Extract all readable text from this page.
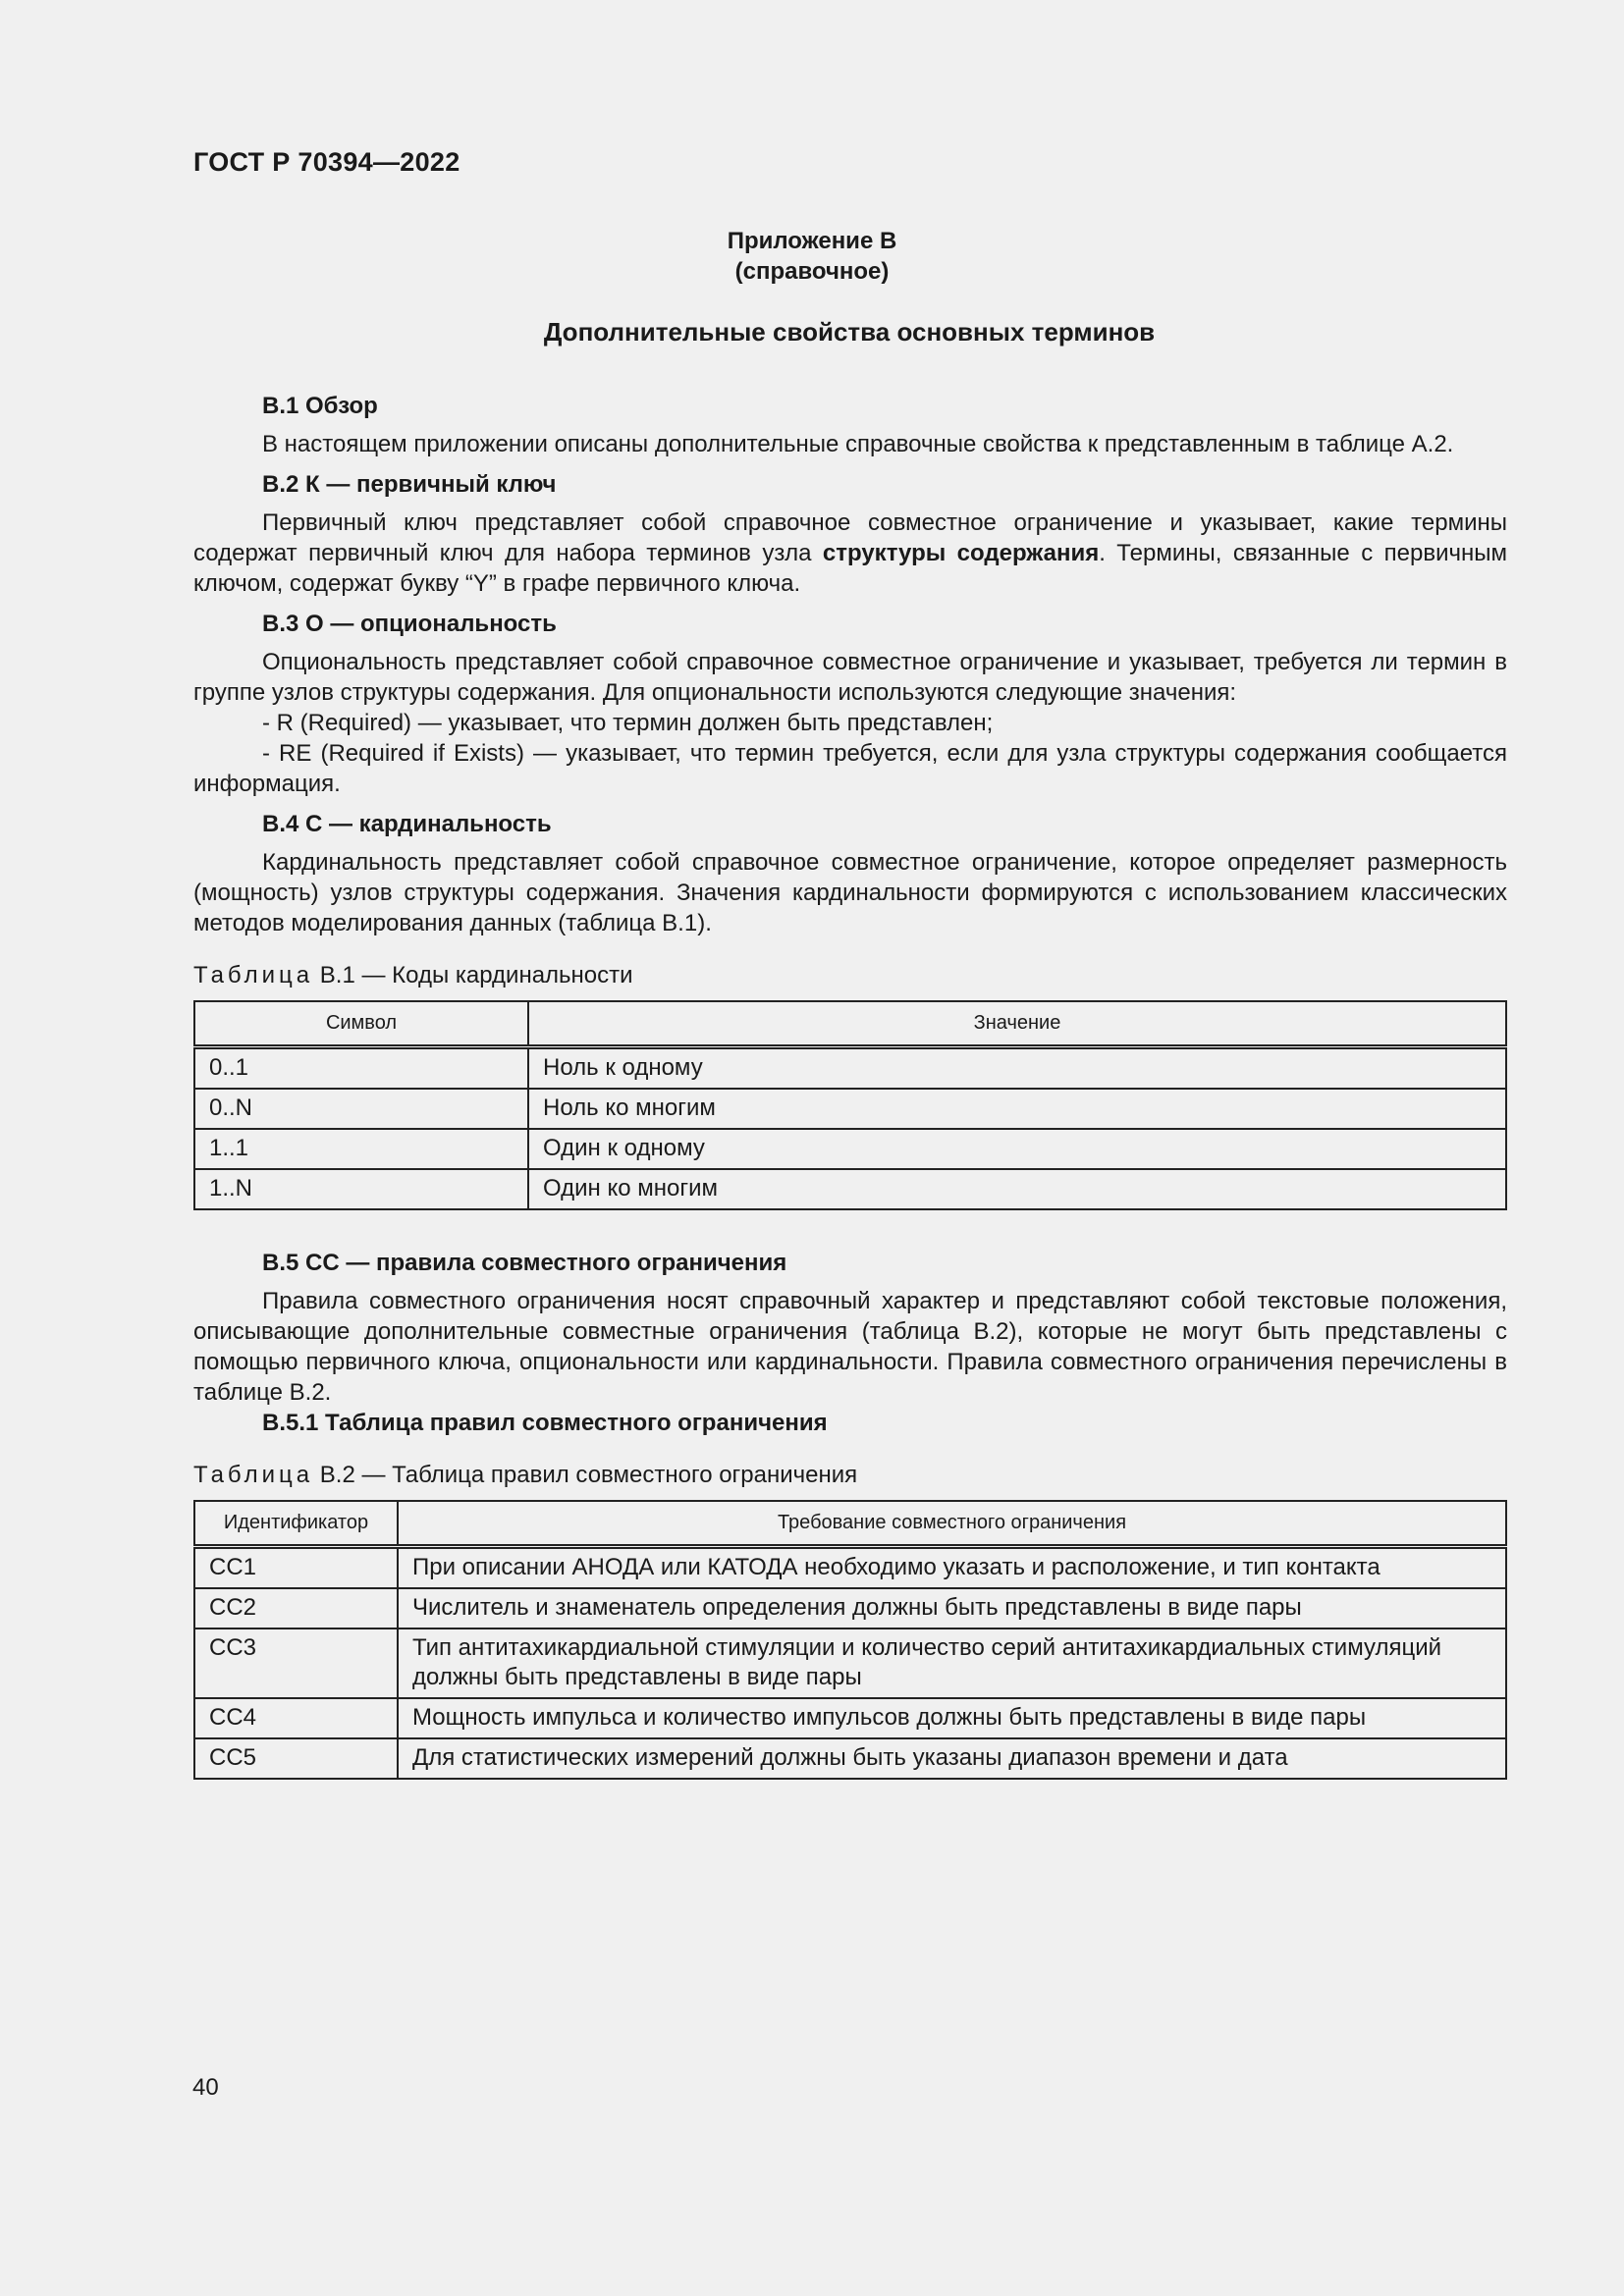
ГОСТ Р 70394—2022
Приложение В
(справочное)
Дополнительные свойства основных терминов
В.1 Обзор

В настоящем приложении описаны дополнительные справочные свойства к представленным в таблице А.2.

В.2 К — первичный ключ

Первичный ключ представляет собой справочное совместное ограничение и указывает, какие термины содержат первичный ключ для набора терминов узла структуры содержания. Термины, связанные с первичным ключом, содержат букву “Y” в графе первичного ключа.

В.3 О — опциональность

Опциональность представляет собой справочное совместное ограничение и указывает, требуется ли термин в группе узлов структуры содержания. Для опциональности используются следующие значения:

- R (Required) — указывает, что термин должен быть представлен;

- RE (Required if Exists) — указывает, что термин требуется, если для узла структуры содержания сообщается информация.

В.4 С — кардинальность

Кардинальность представляет собой справочное совместное ограничение, которое определяет размерность (мощность) узлов структуры содержания. Значения кардинальности формируются с использованием классических методов моделирования данных (таблица В.1).

Таблица В.1 — Коды кардинальности
Символ	Значение
0..1	Ноль к одному
0..N	Ноль ко многим
1..1	Один к одному
1..N	Один ко многим
В.5 СС — правила совместного ограничения

Правила совместного ограничения носят справочный характер и представляют собой текстовые положения, описывающие дополнительные совместные ограничения (таблица В.2), которые не могут быть представлены с помощью первичного ключа, опциональности или кардинальности. Правила совместного ограничения перечислены в таблице В.2.

В.5.1 Таблица правил совместного ограничения
Таблица В.2 — Таблица правил совместного ограничения
Идентификатор	Требование совместного ограничения
СС1	При описании АНОДА или КАТОДА необходимо указать и расположение, и тип контакта
СС2	Числитель и знаменатель определения должны быть представлены в виде пары
СС3	Тип антитахикардиальной стимуляции и количество серий антитахикардиальных стимуляций должны быть представлены в виде пары
СС4	Мощность импульса и количество импульсов должны быть представлены в виде пары
СС5	Для статистических измерений должны быть указаны диапазон времени и дата
40
